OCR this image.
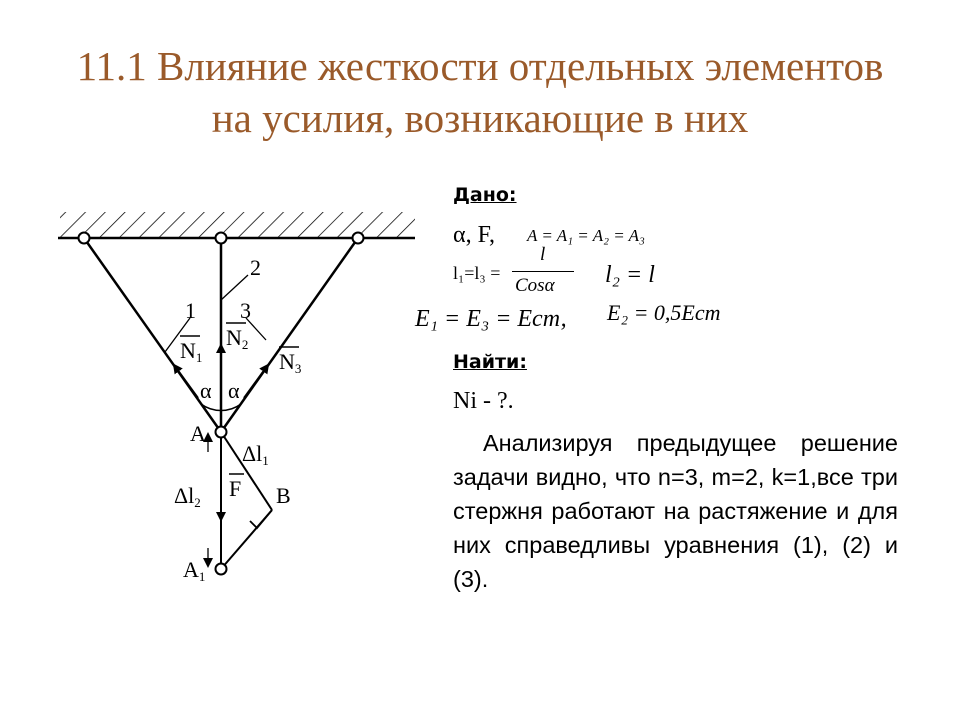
11.1 Влияние жесткости отдельных элементов
на усилия, возникающие в них
1
2
3
N1
N2
N3
α α
A
A1
B
F
Δl1
Δl2
Дано:
α, F, A = A₁ = A₂ = A₃
l₁=l₃ =
l
Cosα l₂ = l
E₁ = E₃ = Eст, E₂ = 0,5Eст
Найти:
Ni - ?.
Анализируя предыдущее решение задачи видно, что n=3, m=2, k=1,все три стержня работают на растяжение и для них справедливы уравнения (1), (2) и (3).
